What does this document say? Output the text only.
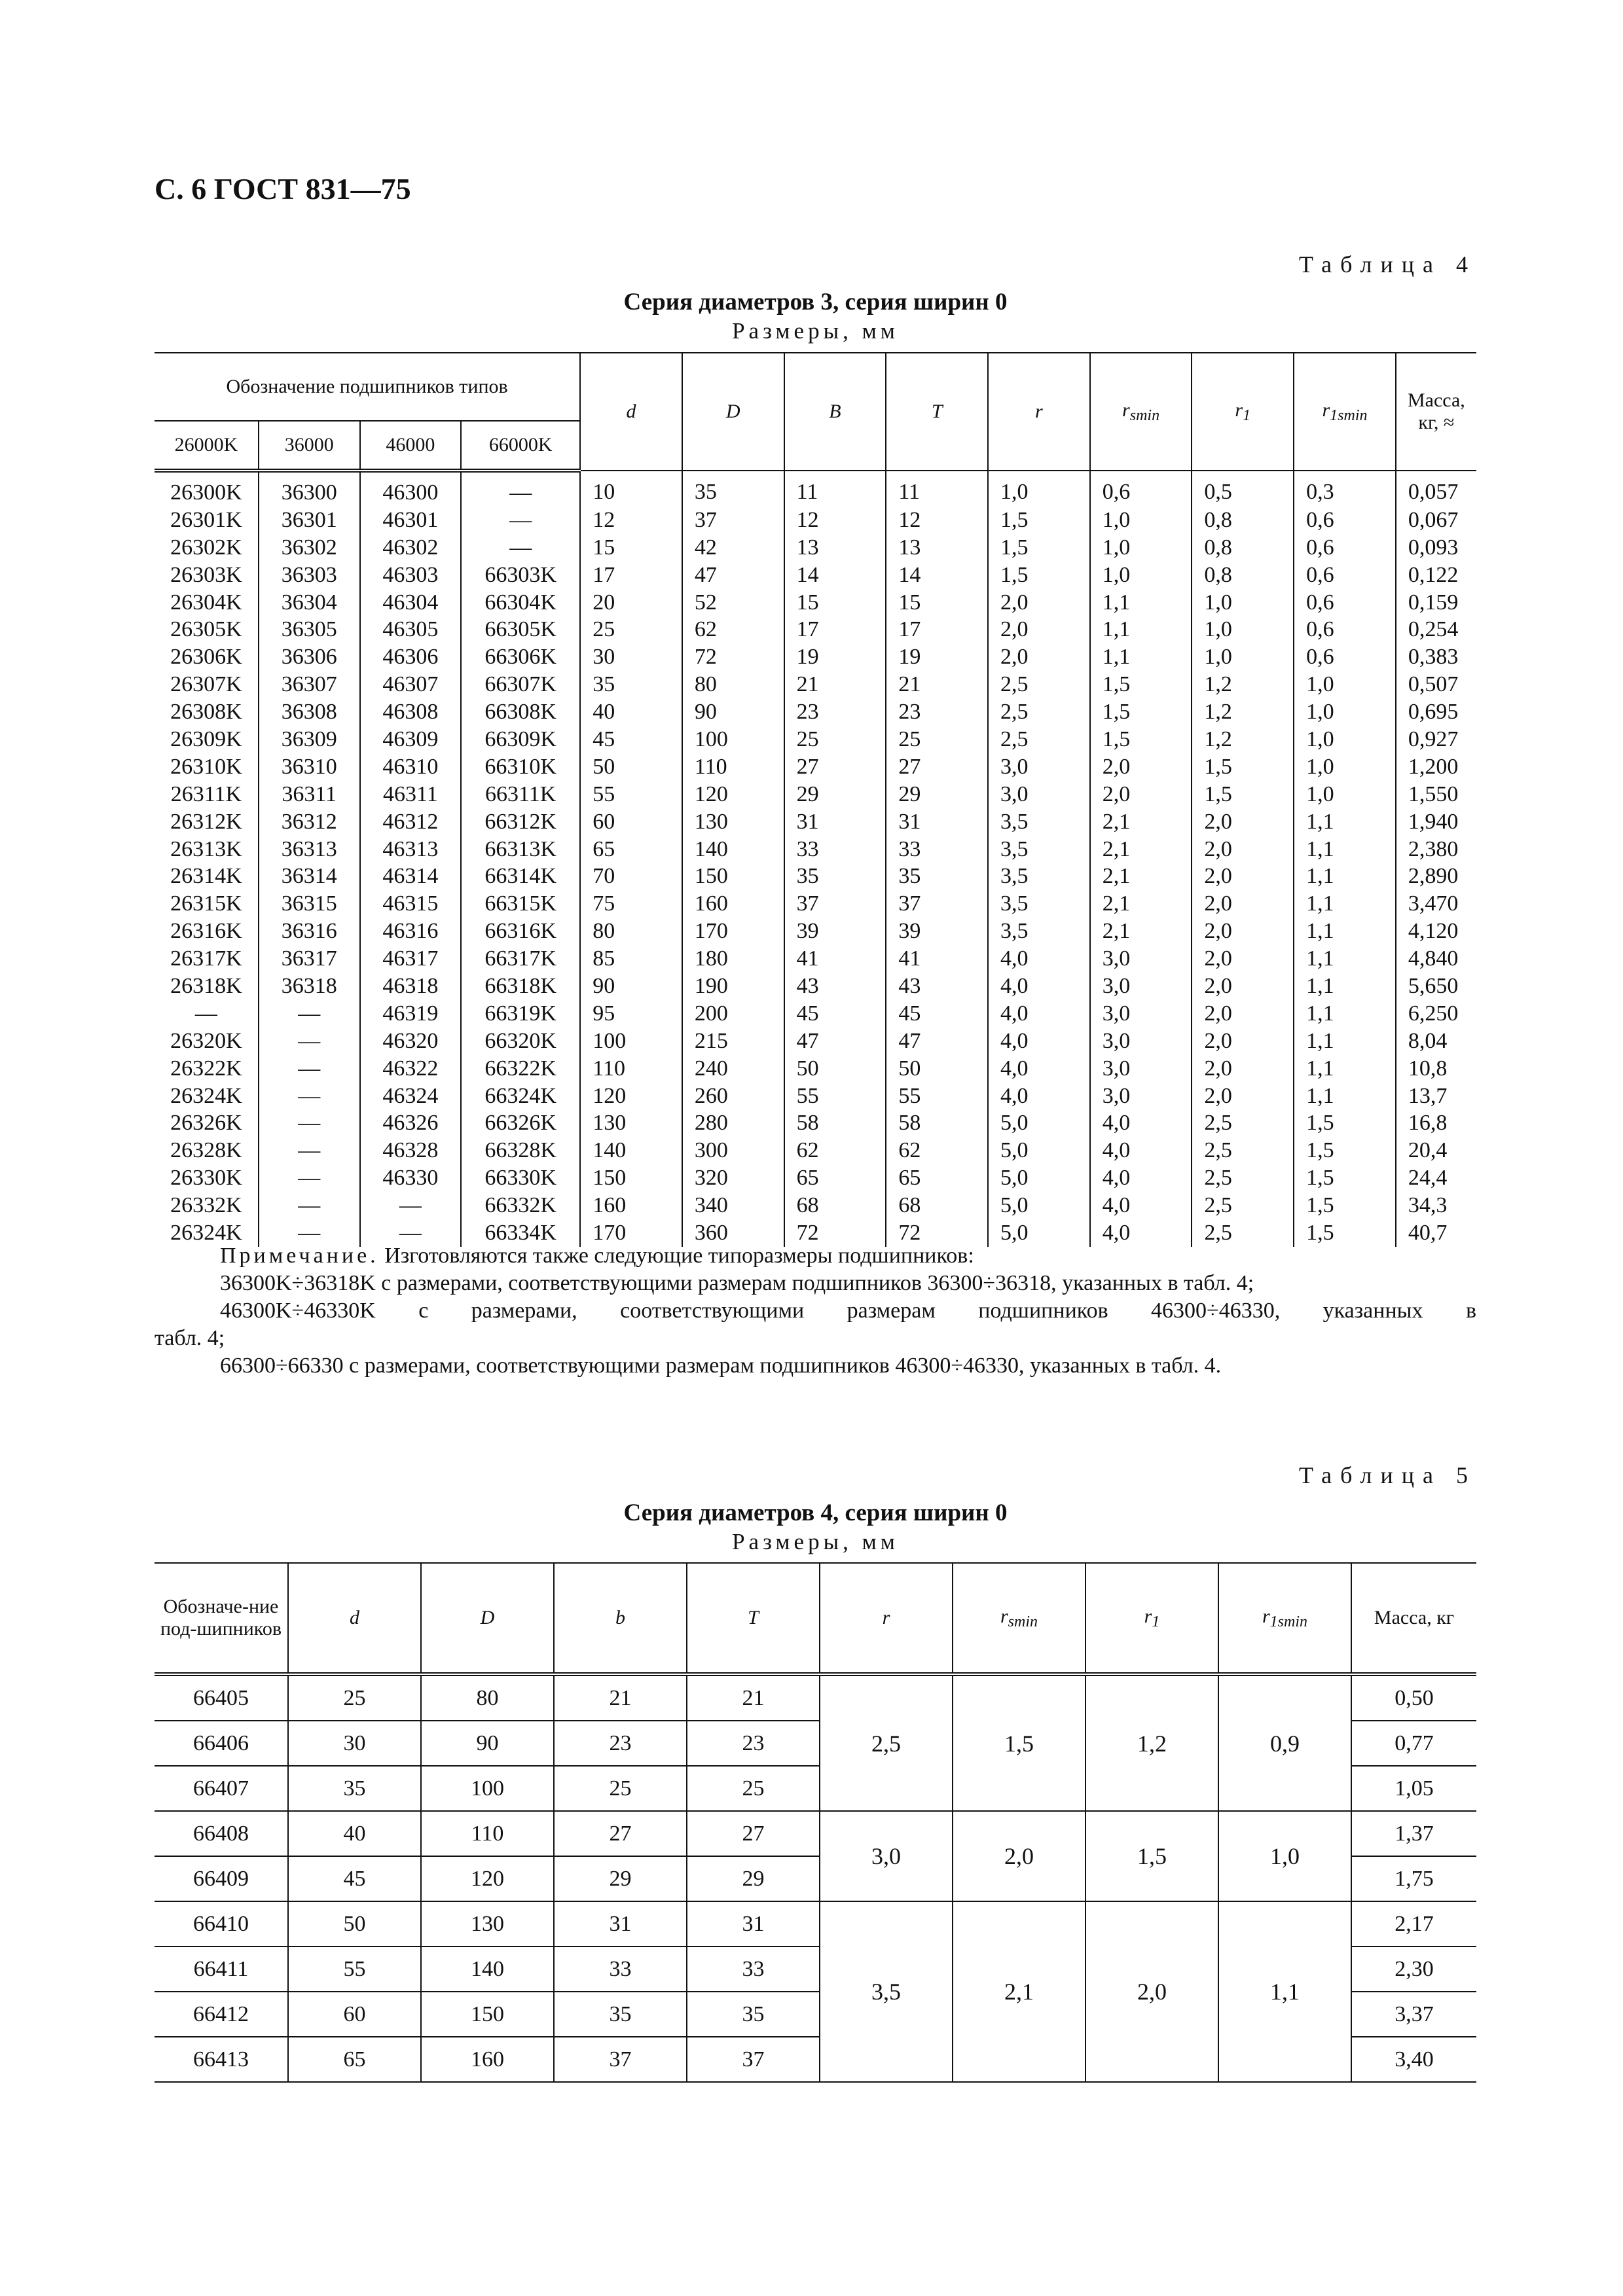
С. 6 ГОСТ 831—75
Таблица 4
Серия диаметров 3, серия ширин 0
Размеры, мм
Обозначение подшипников типов				d	D	B	T	r	$r_{smin}$	$r_1$	$r_{1smin}$	Масса, кг, ≈
26000K	36000	46000	66000K									
26300K	36300	46300	—	10	35	11	11	1,0	0,6	0,5	0,3	0,057
26301K	36301	46301	—	12	37	12	12	1,5	1,0	0,8	0,6	0,067
26302K	36302	46302	—	15	42	13	13	1,5	1,0	0,8	0,6	0,093
26303K	36303	46303	66303K	17	47	14	14	1,5	1,0	0,8	0,6	0,122
26304K	36304	46304	66304K	20	52	15	15	2,0	1,1	1,0	0,6	0,159
26305K	36305	46305	66305K	25	62	17	17	2,0	1,1	1,0	0,6	0,254
26306K	36306	46306	66306K	30	72	19	19	2,0	1,1	1,0	0,6	0,383
26307K	36307	46307	66307K	35	80	21	21	2,5	1,5	1,2	1,0	0,507
26308K	36308	46308	66308K	40	90	23	23	2,5	1,5	1,2	1,0	0,695
26309K	36309	46309	66309K	45	100	25	25	2,5	1,5	1,2	1,0	0,927
26310K	36310	46310	66310K	50	110	27	27	3,0	2,0	1,5	1,0	1,200
26311K	36311	46311	66311K	55	120	29	29	3,0	2,0	1,5	1,0	1,550
26312K	36312	46312	66312K	60	130	31	31	3,5	2,1	2,0	1,1	1,940
26313K	36313	46313	66313K	65	140	33	33	3,5	2,1	2,0	1,1	2,380
26314K	36314	46314	66314K	70	150	35	35	3,5	2,1	2,0	1,1	2,890
26315K	36315	46315	66315K	75	160	37	37	3,5	2,1	2,0	1,1	3,470
26316K	36316	46316	66316K	80	170	39	39	3,5	2,1	2,0	1,1	4,120
26317K	36317	46317	66317K	85	180	41	41	4,0	3,0	2,0	1,1	4,840
26318K	36318	46318	66318K	90	190	43	43	4,0	3,0	2,0	1,1	5,650
—	—	46319	66319K	95	200	45	45	4,0	3,0	2,0	1,1	6,250
26320K	—	46320	66320K	100	215	47	47	4,0	3,0	2,0	1,1	8,04
26322K	—	46322	66322K	110	240	50	50	4,0	3,0	2,0	1,1	10,8
26324K	—	46324	66324K	120	260	55	55	4,0	3,0	2,0	1,1	13,7
26326K	—	46326	66326K	130	280	58	58	5,0	4,0	2,5	1,5	16,8
26328K	—	46328	66328K	140	300	62	62	5,0	4,0	2,5	1,5	20,4
26330K	—	46330	66330K	150	320	65	65	5,0	4,0	2,5	1,5	24,4
26332K	—	—	66332K	160	340	68	68	5,0	4,0	2,5	1,5	34,3
26324K	—	—	66334K	170	360	72	72	5,0	4,0	2,5	1,5	40,7

Примечание. Изготовляются также следующие типоразмеры подшипников:

36300K÷36318K с размерами, соответствующими размерам подшипников 36300÷36318, указанных в табл. 4;

46300K÷46330K с размерами, соответствующими размерам подшипников 46300÷46330, указанных в

табл. 4;

66300÷66330 с размерами, соответствующими размерам подшипников 46300÷46330, указанных в табл. 4.

Таблица 5
Серия диаметров 4, серия ширин 0
Размеры, мм
Обозначе-ние под-шипников	d	D	b	T	r	$r_{smin}$	$r_1$	$r_{1smin}$	Масса, кг
66405	25	80	21	21	2,5	1,5	1,2	0,9	0,50
66406	30	90	23	23					0,77
66407	35	100	25	25					1,05
66408	40	110	27	27	3,0	2,0	1,5	1,0	1,37
66409	45	120	29	29					1,75
66410	50	130	31	31	3,5	2,1	2,0	1,1	2,17
66411	55	140	33	33					2,30
66412	60	150	35	35					3,37
66413	65	160	37	37					3,40
